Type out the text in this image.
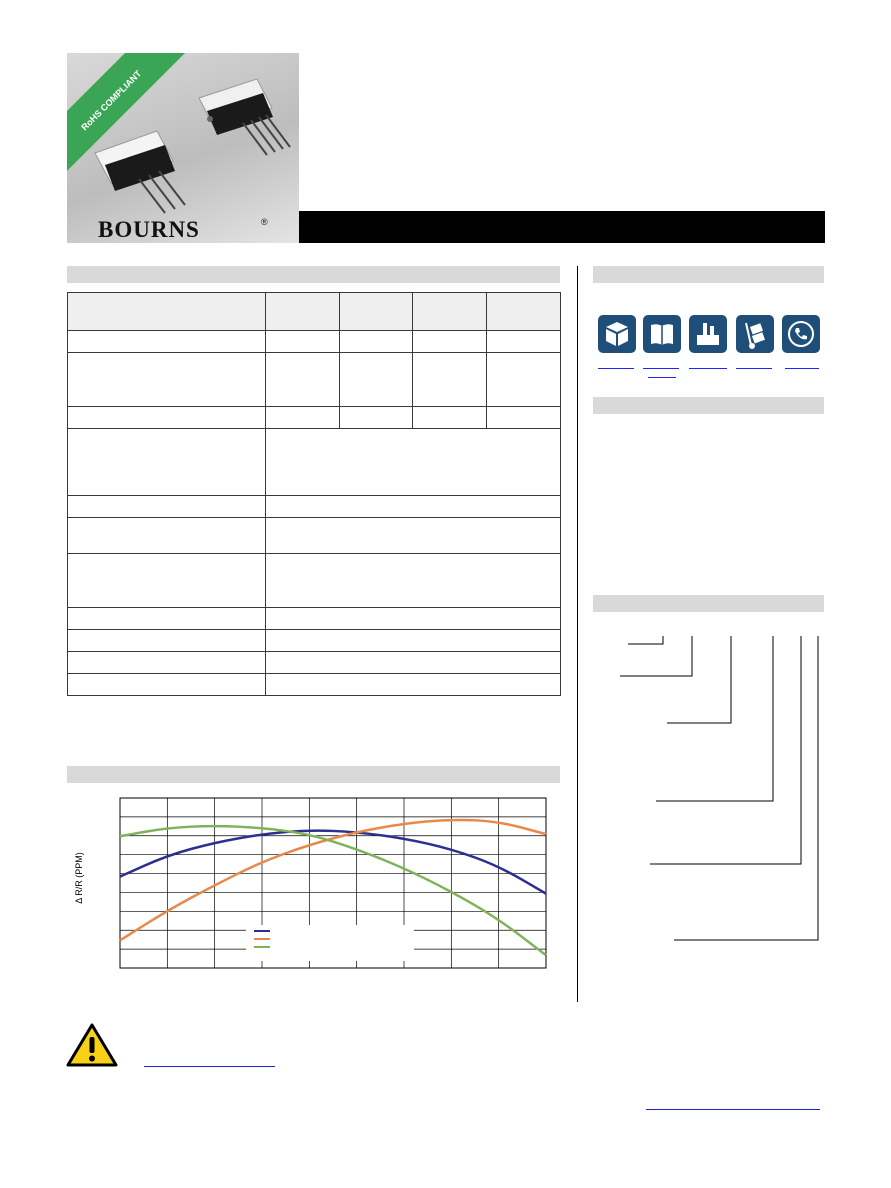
RoHS COMPLIANT
BOURNS	®

Δ R/R (PPM)
